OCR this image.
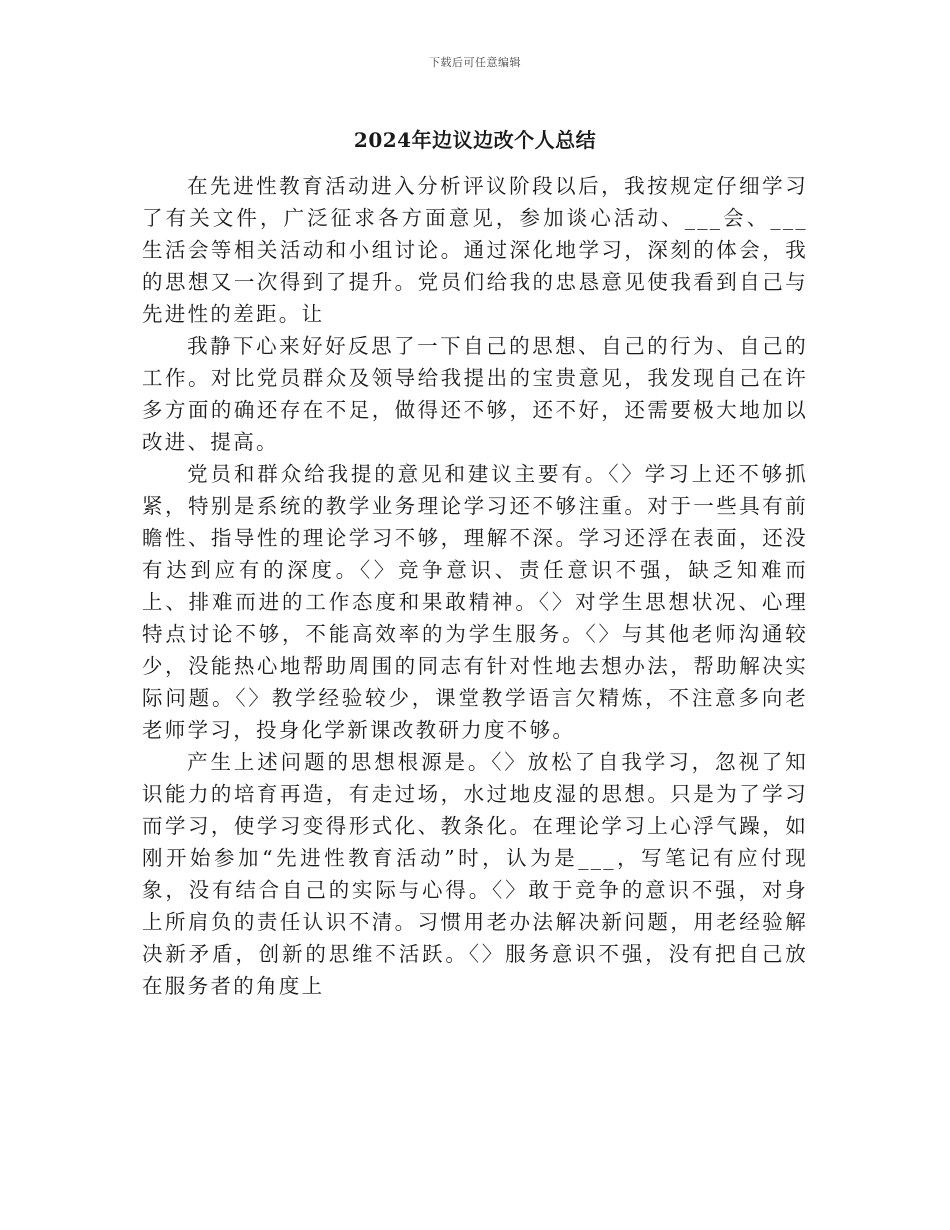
下载后可任意编辑
2024年边议边改个人总结

在先进性教育活动进入分析评议阶段以后，我按规定仔细学习了有关文件，广泛征求各方面意见，参加谈心活动、___会、___生活会等相关活动和小组讨论。通过深化地学习，深刻的体会，我的思想又一次得到了提升。党员们给我的忠恳意见使我看到自己与先进性的差距。让

我静下心来好好反思了一下自己的思想、自己的行为、自己的工作。对比党员群众及领导给我提出的宝贵意见，我发现自己在许多方面的确还存在不足，做得还不够，还不好，还需要极大地加以改进、提高。

党员和群众给我提的意见和建议主要有。〈〉学习上还不够抓紧，特别是系统的教学业务理论学习还不够注重。对于一些具有前瞻性、指导性的理论学习不够，理解不深。学习还浮在表面，还没有达到应有的深度。〈〉竞争意识、责任意识不强，缺乏知难而上、排难而进的工作态度和果敢精神。〈〉对学生思想状况、心理特点讨论不够，不能高效率的为学生服务。〈〉与其他老师沟通较少，没能热心地帮助周围的同志有针对性地去想办法，帮助解决实际问题。〈〉教学经验较少，课堂教学语言欠精炼，不注意多向老老师学习，投身化学新课改教研力度不够。

产生上述问题的思想根源是。〈〉放松了自我学习，忽视了知识能力的培育再造，有走过场，水过地皮湿的思想。只是为了学习而学习，使学习变得形式化、教条化。在理论学习上心浮气躁，如刚开始参加“先进性教育活动”时，认为是___，写笔记有应付现象，没有结合自己的实际与心得。〈〉敢于竞争的意识不强，对身上所肩负的责任认识不清。习惯用老办法解决新问题，用老经验解决新矛盾，创新的思维不活跃。〈〉服务意识不强，没有把自己放在服务者的角度上
